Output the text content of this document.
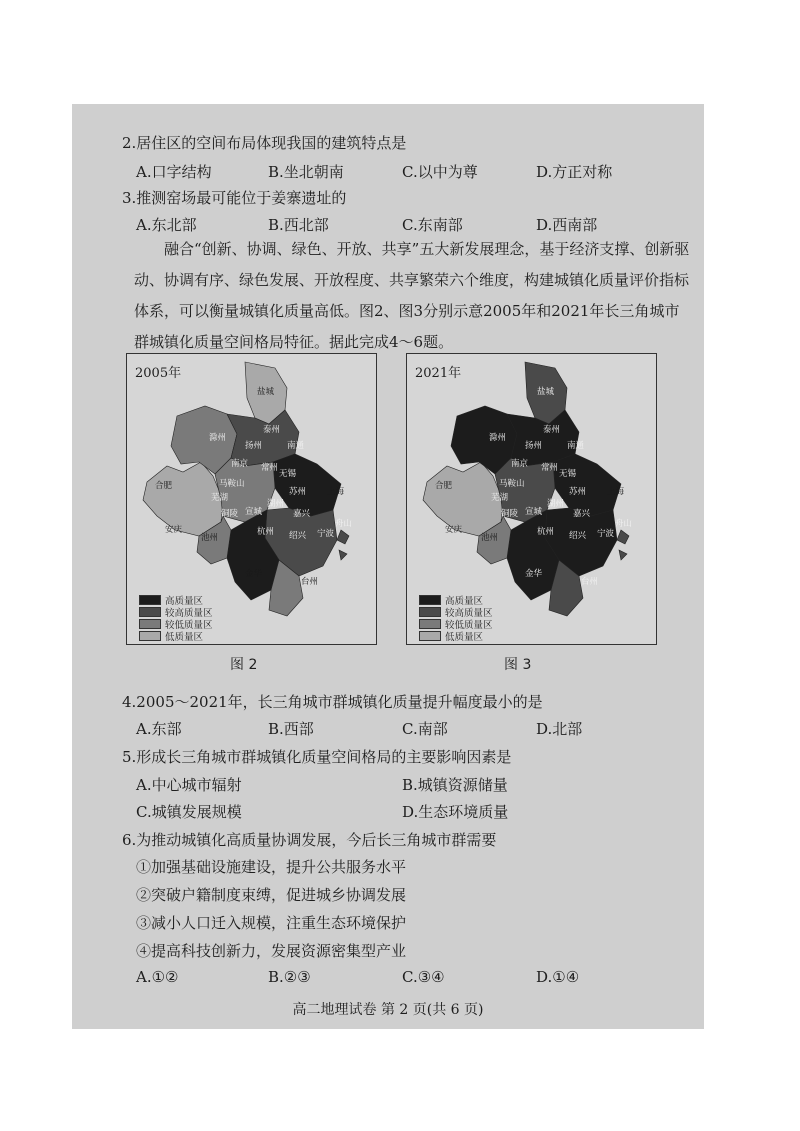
2.居住区的空间布局体现我国的建筑特点是
A.口字结构	B.坐北朝南	C.以中为尊	D.方正对称
3.推测窑场最可能位于姜寨遗址的
A.东北部	B.西北部	C.东南部	D.西南部
融合“创新、协调、绿色、开放、共享”五大新发展理念，基于经济支撑、创新驱动、协调有序、绿色发展、开放程度、共享繁荣六个维度，构建城镇化质量评价指标体系，可以衡量城镇化质量高低。图2、图3分别示意2005年和2021年长三角城市群城镇化质量空间格局特征。据此完成4～6题。
2005年
盐城
滁州
泰州
南通
合肥
扬州
南京 常州
芜湖
无锡
苏州
马鞍山
上海
铜陵 宣城	嘉兴
湖州
安庆
池州
杭州 绍兴 宁波
舟山
金华
台州
高质量区
较高质量区
较低质量区
低质量区
图 2
2021年
盐城
滁州
泰州
南通
合肥
扬州
南京 常州
芜湖
无锡
苏州
马鞍山
上海
铜陵 宣城	嘉兴
湖州
安庆
池州
杭州 绍兴 宁波
舟山
金华
台州
高质量区
较高质量区
较低质量区
低质量区
图 3
4.2005～2021年，长三角城市群城镇化质量提升幅度最小的是
A.东部	B.西部	C.南部	D.北部
5.形成长三角城市群城镇化质量空间格局的主要影响因素是
A.中心城市辐射	B.城镇资源储量
C.城镇发展规模	D.生态环境质量
6.为推动城镇化高质量协调发展，今后长三角城市群需要
①加强基础设施建设，提升公共服务水平
②突破户籍制度束缚，促进城乡协调发展
③减小人口迁入规模，注重生态环境保护
④提高科技创新力，发展资源密集型产业
A.①②	B.②③	C.③④	D.①④
高二地理试卷 第 2 页(共 6 页)
